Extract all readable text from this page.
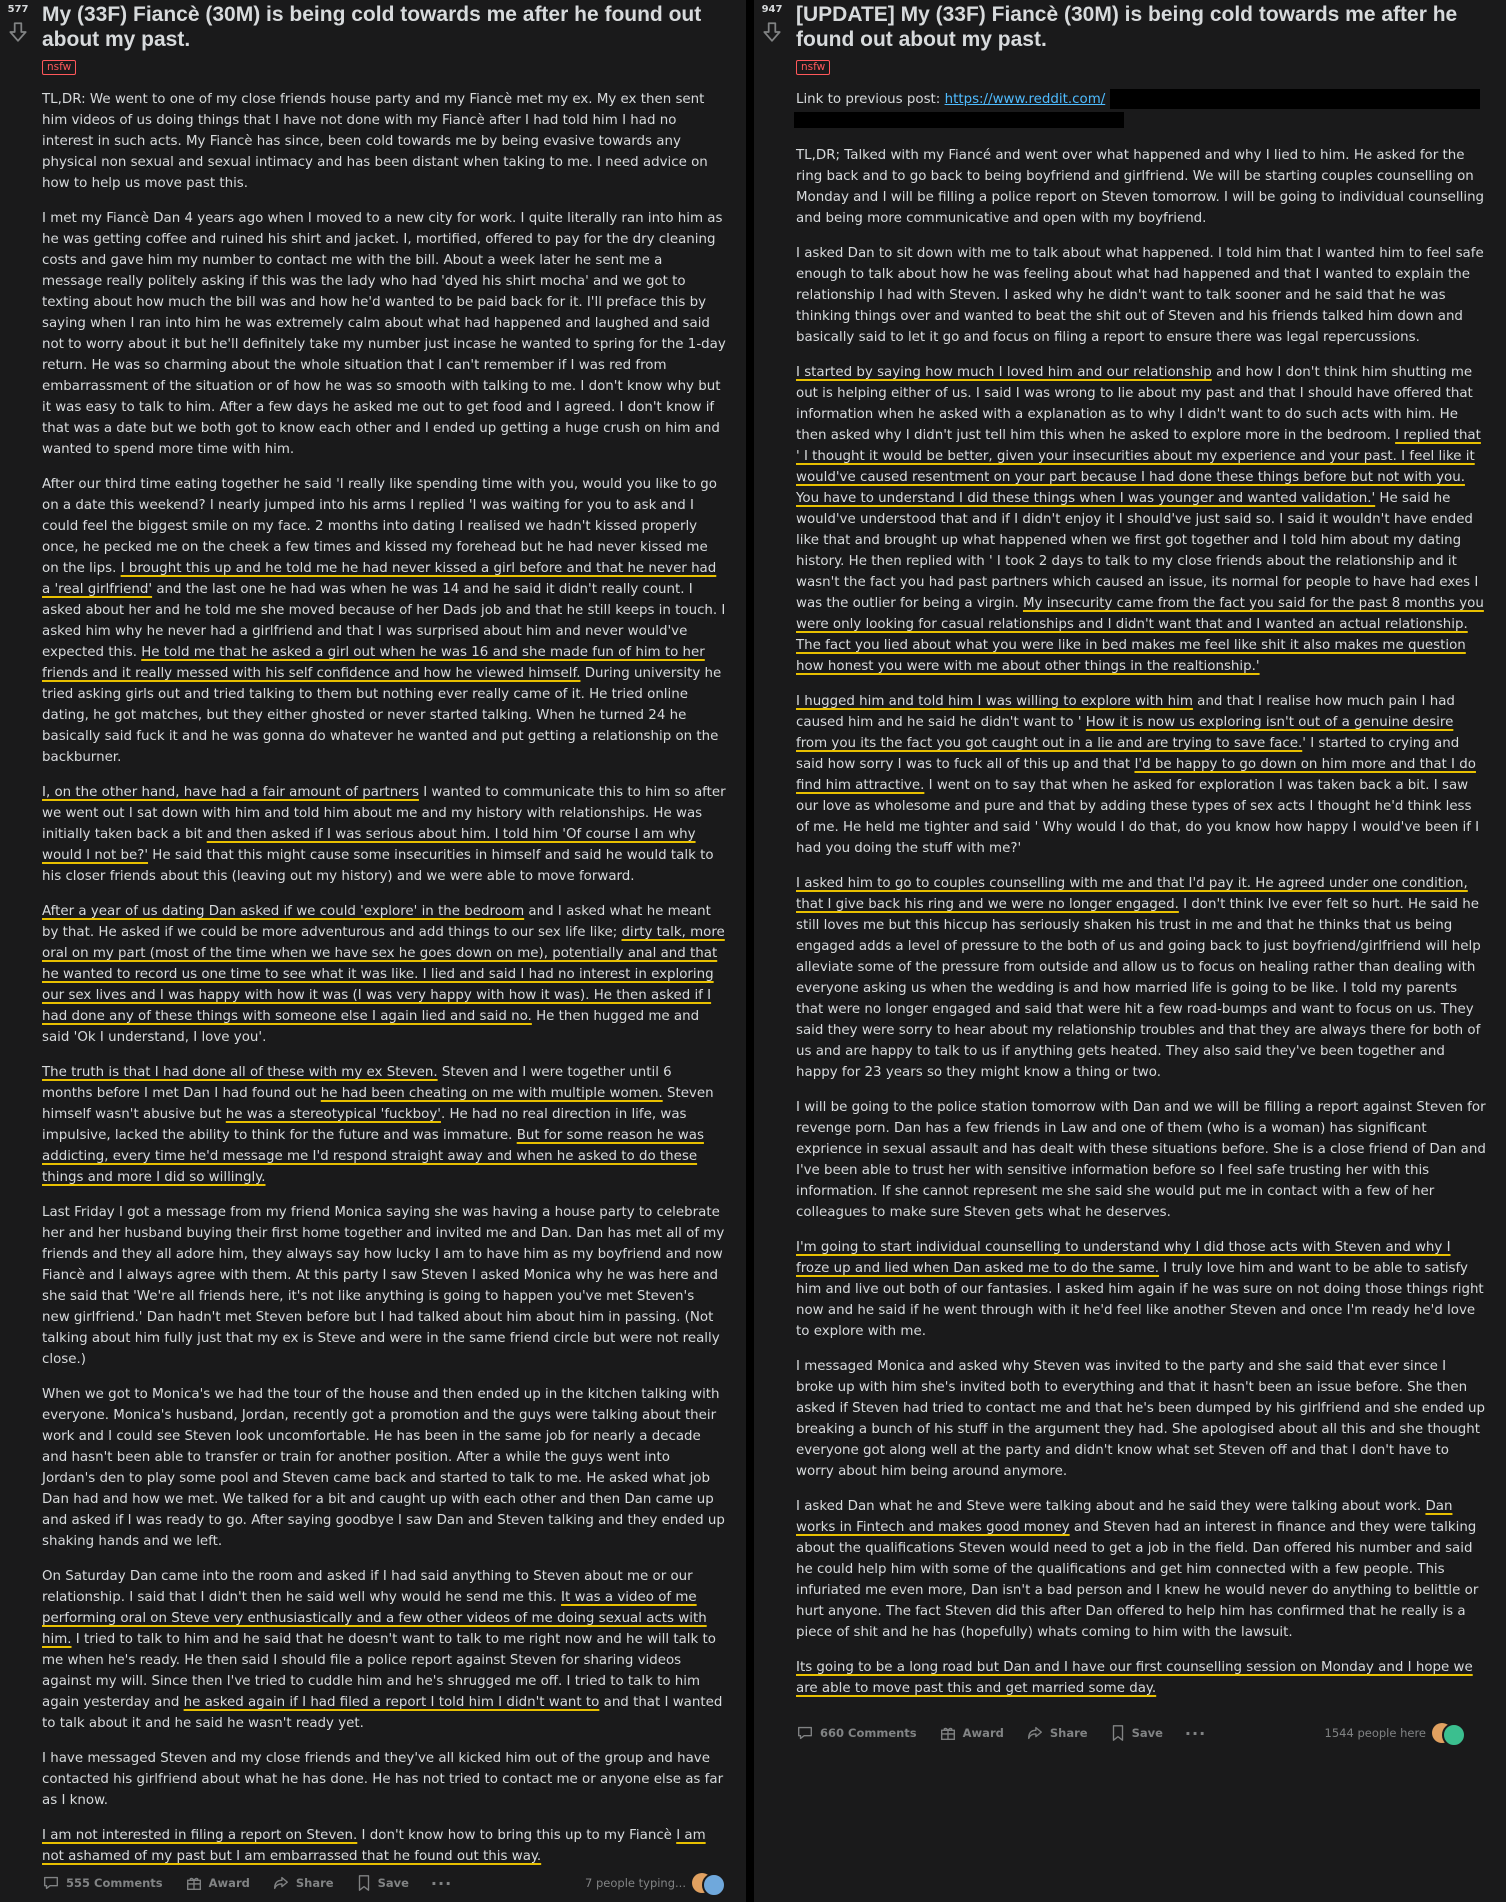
577 My (33F) Fiancè (30M) is being cold towards me after he found out about my past.
nsfw

TL,DR: We went to one of my close friends house party and my Fiancè met my ex. My ex then sent him videos of us doing things that I have not done with my Fiancè after I had told him I had no interest in such acts. My Fiancè has since, been cold towards me by being evasive towards any physical non sexual and sexual intimacy and has been distant when taking to me. I need advice on how to help us move past this.

I met my Fiancè Dan 4 years ago when I moved to a new city for work. I quite literally ran into him as he was getting coffee and ruined his shirt and jacket. I, mortified, offered to pay for the dry cleaning costs and gave him my number to contact me with the bill. About a week later he sent me a message really politely asking if this was the lady who had 'dyed his shirt mocha' and we got to texting about how much the bill was and how he'd wanted to be paid back for it. I'll preface this by saying when I ran into him he was extremely calm about what had happened and laughed and said not to worry about it but he'll definitely take my number just incase he wanted to spring for the 1-day return. He was so charming about the whole situation that I can't remember if I was red from embarrassment of the situation or of how he was so smooth with talking to me. I don't know why but it was easy to talk to him. After a few days he asked me out to get food and I agreed. I don't know if that was a date but we both got to know each other and I ended up getting a huge crush on him and wanted to spend more time with him.

After our third time eating together he said 'I really like spending time with you, would you like to go on a date this weekend? I nearly jumped into his arms I replied 'I was waiting for you to ask and I could feel the biggest smile on my face. 2 months into dating I realised we hadn't kissed properly once, he pecked me on the cheek a few times and kissed my forehead but he had never kissed me on the lips. I brought this up and he told me he had never kissed a girl before and that he never had a 'real girlfriend' and the last one he had was when he was 14 and he said it didn't really count. I asked about her and he told me she moved because of her Dads job and that he still keeps in touch. I asked him why he never had a girlfriend and that I was surprised about him and never would've expected this. He told me that he asked a girl out when he was 16 and she made fun of him to her friends and it really messed with his self confidence and how he viewed himself. During university he tried asking girls out and tried talking to them but nothing ever really came of it. He tried online dating, he got matches, but they either ghosted or never started talking. When he turned 24 he basically said fuck it and he was gonna do whatever he wanted and put getting a relationship on the backburner.

I, on the other hand, have had a fair amount of partners I wanted to communicate this to him so after we went out I sat down with him and told him about me and my history with relationships. He was initially taken back a bit and then asked if I was serious about him. I told him 'Of course I am why would I not be?' He said that this might cause some insecurities in himself and said he would talk to his closer friends about this (leaving out my history) and we were able to move forward.

After a year of us dating Dan asked if we could 'explore' in the bedroom and I asked what he meant by that. He asked if we could be more adventurous and add things to our sex life like; dirty talk, more oral on my part (most of the time when we have sex he goes down on me), potentially anal and that he wanted to record us one time to see what it was like. I lied and said I had no interest in exploring our sex lives and I was happy with how it was (I was very happy with how it was). He then asked if I had done any of these things with someone else I again lied and said no. He then hugged me and said 'Ok I understand, I love you'.

The truth is that I had done all of these with my ex Steven. Steven and I were together until 6 months before I met Dan I had found out he had been cheating on me with multiple women. Steven himself wasn't abusive but he was a stereotypical 'fuckboy'. He had no real direction in life, was impulsive, lacked the ability to think for the future and was immature. But for some reason he was addicting, every time he'd message me I'd respond straight away and when he asked to do these things and more I did so willingly.

Last Friday I got a message from my friend Monica saying she was having a house party to celebrate her and her husband buying their first home together and invited me and Dan. Dan has met all of my friends and they all adore him, they always say how lucky I am to have him as my boyfriend and now Fiancè and I always agree with them. At this party I saw Steven I asked Monica why he was here and she said that 'We're all friends here, it's not like anything is going to happen you've met Steven's new girlfriend.' Dan hadn't met Steven before but I had talked about him about him in passing. (Not talking about him fully just that my ex is Steve and were in the same friend circle but were not really close.)

When we got to Monica's we had the tour of the house and then ended up in the kitchen talking with everyone. Monica's husband, Jordan, recently got a promotion and the guys were talking about their work and I could see Steven look uncomfortable. He has been in the same job for nearly a decade and hasn't been able to transfer or train for another position. After a while the guys went into Jordan's den to play some pool and Steven came back and started to talk to me. He asked what job Dan had and how we met. We talked for a bit and caught up with each other and then Dan came up and asked if I was ready to go. After saying goodbye I saw Dan and Steven talking and they ended up shaking hands and we left.

On Saturday Dan came into the room and asked if I had said anything to Steven about me or our relationship. I said that I didn't then he said well why would he send me this. It was a video of me performing oral on Steve very enthusiastically and a few other videos of me doing sexual acts with him. I tried to talk to him and he said that he doesn't want to talk to me right now and he will talk to me when he's ready. He then said I should file a police report against Steven for sharing videos against my will. Since then I've tried to cuddle him and he's shrugged me off. I tried to talk to him again yesterday and he asked again if I had filed a report I told him I didn't want to and that I wanted to talk about it and he said he wasn't ready yet.

I have messaged Steven and my close friends and they've all kicked him out of the group and have contacted his girlfriend about what he has done. He has not tried to contact me or anyone else as far as I know.

I am not interested in filing a report on Steven. I don't know how to bring this up to my Fiancè I am not ashamed of my past but I am embarrassed that he found out this way.

555 Comments	Award	Share	Save ···	7 people typing...
947 [UPDATE] My (33F) Fiancè (30M) is being cold towards me after he found out about my past.
nsfw

Link to previous post: https://www.reddit.com/

TL,DR; Talked with my Fiancé and went over what happened and why I lied to him. He asked for the ring back and to go back to being boyfriend and girlfriend. We will be starting couples counselling on Monday and I will be filling a police report on Steven tomorrow. I will be going to individual counselling and being more communicative and open with my boyfriend.

I asked Dan to sit down with me to talk about what happened. I told him that I wanted him to feel safe enough to talk about how he was feeling about what had happened and that I wanted to explain the relationship I had with Steven. I asked why he didn't want to talk sooner and he said that he was thinking things over and wanted to beat the shit out of Steven and his friends talked him down and basically said to let it go and focus on filing a report to ensure there was legal repercussions.

I started by saying how much I loved him and our relationship and how I don't think him shutting me out is helping either of us. I said I was wrong to lie about my past and that I should have offered that information when he asked with a explanation as to why I didn't want to do such acts with him. He then asked why I didn't just tell him this when he asked to explore more in the bedroom. I replied that ' I thought it would be better, given your insecurities about my experience and your past. I feel like it would've caused resentment on your part because I had done these things before but not with you. You have to understand I did these things when I was younger and wanted validation.' He said he would've understood that and if I didn't enjoy it I should've just said so. I said it wouldn't have ended like that and brought up what happened when we first got together and I told him about my dating history. He then replied with ' I took 2 days to talk to my close friends about the relationship and it wasn't the fact you had past partners which caused an issue, its normal for people to have had exes I was the outlier for being a virgin. My insecurity came from the fact you said for the past 8 months you were only looking for casual relationships and I didn't want that and I wanted an actual relationship. The fact you lied about what you were like in bed makes me feel like shit it also makes me question how honest you were with me about other things in the realtionship.'

I hugged him and told him I was willing to explore with him and that I realise how much pain I had caused him and he said he didn't want to ' How it is now us exploring isn't out of a genuine desire from you its the fact you got caught out in a lie and are trying to save face.' I started to crying and said how sorry I was to fuck all of this up and that I'd be happy to go down on him more and that I do find him attractive. I went on to say that when he asked for exploration I was taken back a bit. I saw our love as wholesome and pure and that by adding these types of sex acts I thought he'd think less of me. He held me tighter and said ' Why would I do that, do you know how happy I would've been if I had you doing the stuff with me?'

I asked him to go to couples counselling with me and that I'd pay it. He agreed under one condition, that I give back his ring and we were no longer engaged. I don't think Ive ever felt so hurt. He said he still loves me but this hiccup has seriously shaken his trust in me and that he thinks that us being engaged adds a level of pressure to the both of us and going back to just boyfriend/girlfriend will help alleviate some of the pressure from outside and allow us to focus on healing rather than dealing with everyone asking us when the wedding is and how married life is going to be like. I told my parents that were no longer engaged and said that were hit a few road-bumps and want to focus on us. They said they were sorry to hear about my relationship troubles and that they are always there for both of us and are happy to talk to us if anything gets heated. They also said they've been together and happy for 23 years so they might know a thing or two.

I will be going to the police station tomorrow with Dan and we will be filling a report against Steven for revenge porn. Dan has a few friends in Law and one of them (who is a woman) has significant exprience in sexual assault and has dealt with these situations before. She is a close friend of Dan and I've been able to trust her with sensitive information before so I feel safe trusting her with this information. If she cannot represent me she said she would put me in contact with a few of her colleagues to make sure Steven gets what he deserves.

I'm going to start individual counselling to understand why I did those acts with Steven and why I froze up and lied when Dan asked me to do the same. I truly love him and want to be able to satisfy him and live out both of our fantasies. I asked him again if he was sure on not doing those things right now and he said if he went through with it he'd feel like another Steven and once I'm ready he'd love to explore with me.

I messaged Monica and asked why Steven was invited to the party and she said that ever since I broke up with him she's invited both to everything and that it hasn't been an issue before. She then asked if Steven had tried to contact me and that he's been dumped by his girlfriend and she ended up breaking a bunch of his stuff in the argument they had. She apologised about all this and she thought everyone got along well at the party and didn't know what set Steven off and that I don't have to worry about him being around anymore.

I asked Dan what he and Steve were talking about and he said they were talking about work. Dan works in Fintech and makes good money and Steven had an interest in finance and they were talking about the qualifications Steven would need to get a job in the field. Dan offered his number and said he could help him with some of the qualifications and get him connected with a few people. This infuriated me even more, Dan isn't a bad person and I knew he would never do anything to belittle or hurt anyone. The fact Steven did this after Dan offered to help him has confirmed that he really is a piece of shit and he has (hopefully) whats coming to him with the lawsuit.

Its going to be a long road but Dan and I have our first counselling session on Monday and I hope we are able to move past this and get married some day.

660 Comments	Award	Share	Save ···	1544 people here
